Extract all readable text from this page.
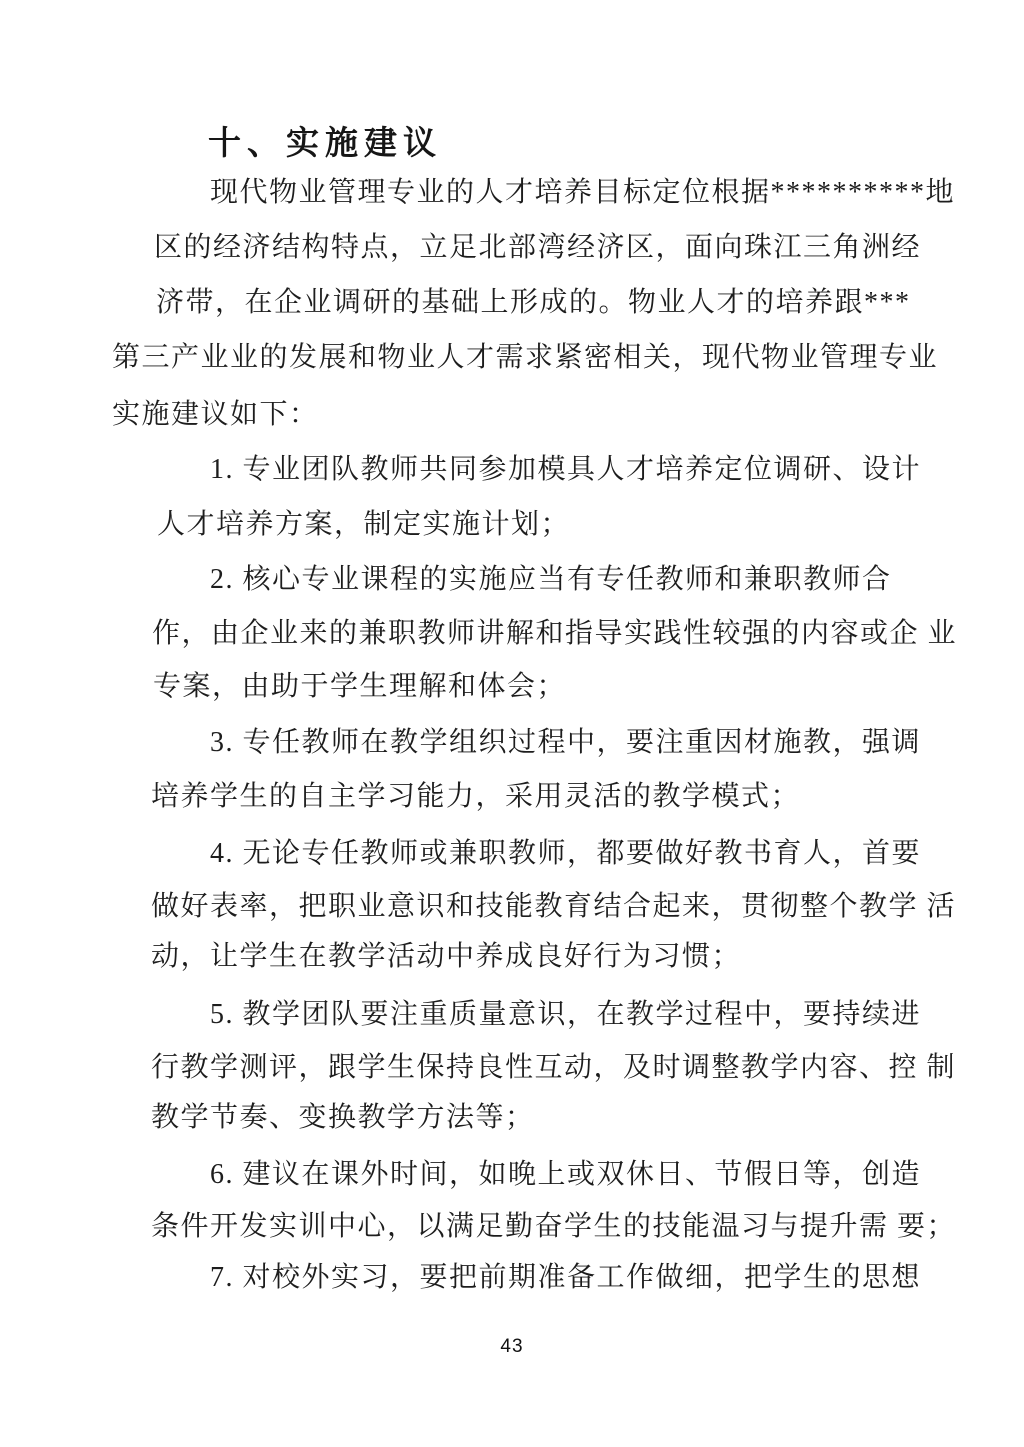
十、实施建议
现代物业管理专业的人才培养目标定位根据**********地
区的经济结构特点，立足北部湾经济区，面向珠江三角洲经
济带，在企业调研的基础上形成的。物业人才的培养跟***
第三产业业的发展和物业人才需求紧密相关，现代物业管理专业
实施建议如下：
1. 专业团队教师共同参加模具人才培养定位调研、设计
人才培养方案，制定实施计划；
2. 核心专业课程的实施应当有专任教师和兼职教师合
作，由企业来的兼职教师讲解和指导实践性较强的内容或企 业
专案，由助于学生理解和体会；
3. 专任教师在教学组织过程中，要注重因材施教，强调
培养学生的自主学习能力，采用灵活的教学模式；
4. 无论专任教师或兼职教师，都要做好教书育人，首要
做好表率，把职业意识和技能教育结合起来，贯彻整个教学 活
动，让学生在教学活动中养成良好行为习惯；
5. 教学团队要注重质量意识，在教学过程中，要持续进
行教学测评，跟学生保持良性互动，及时调整教学内容、控 制
教学节奏、变换教学方法等；
6. 建议在课外时间，如晚上或双休日、节假日等，创造
条件开发实训中心，以满足勤奋学生的技能温习与提升需 要；
7. 对校外实习，要把前期准备工作做细，把学生的思想
43
